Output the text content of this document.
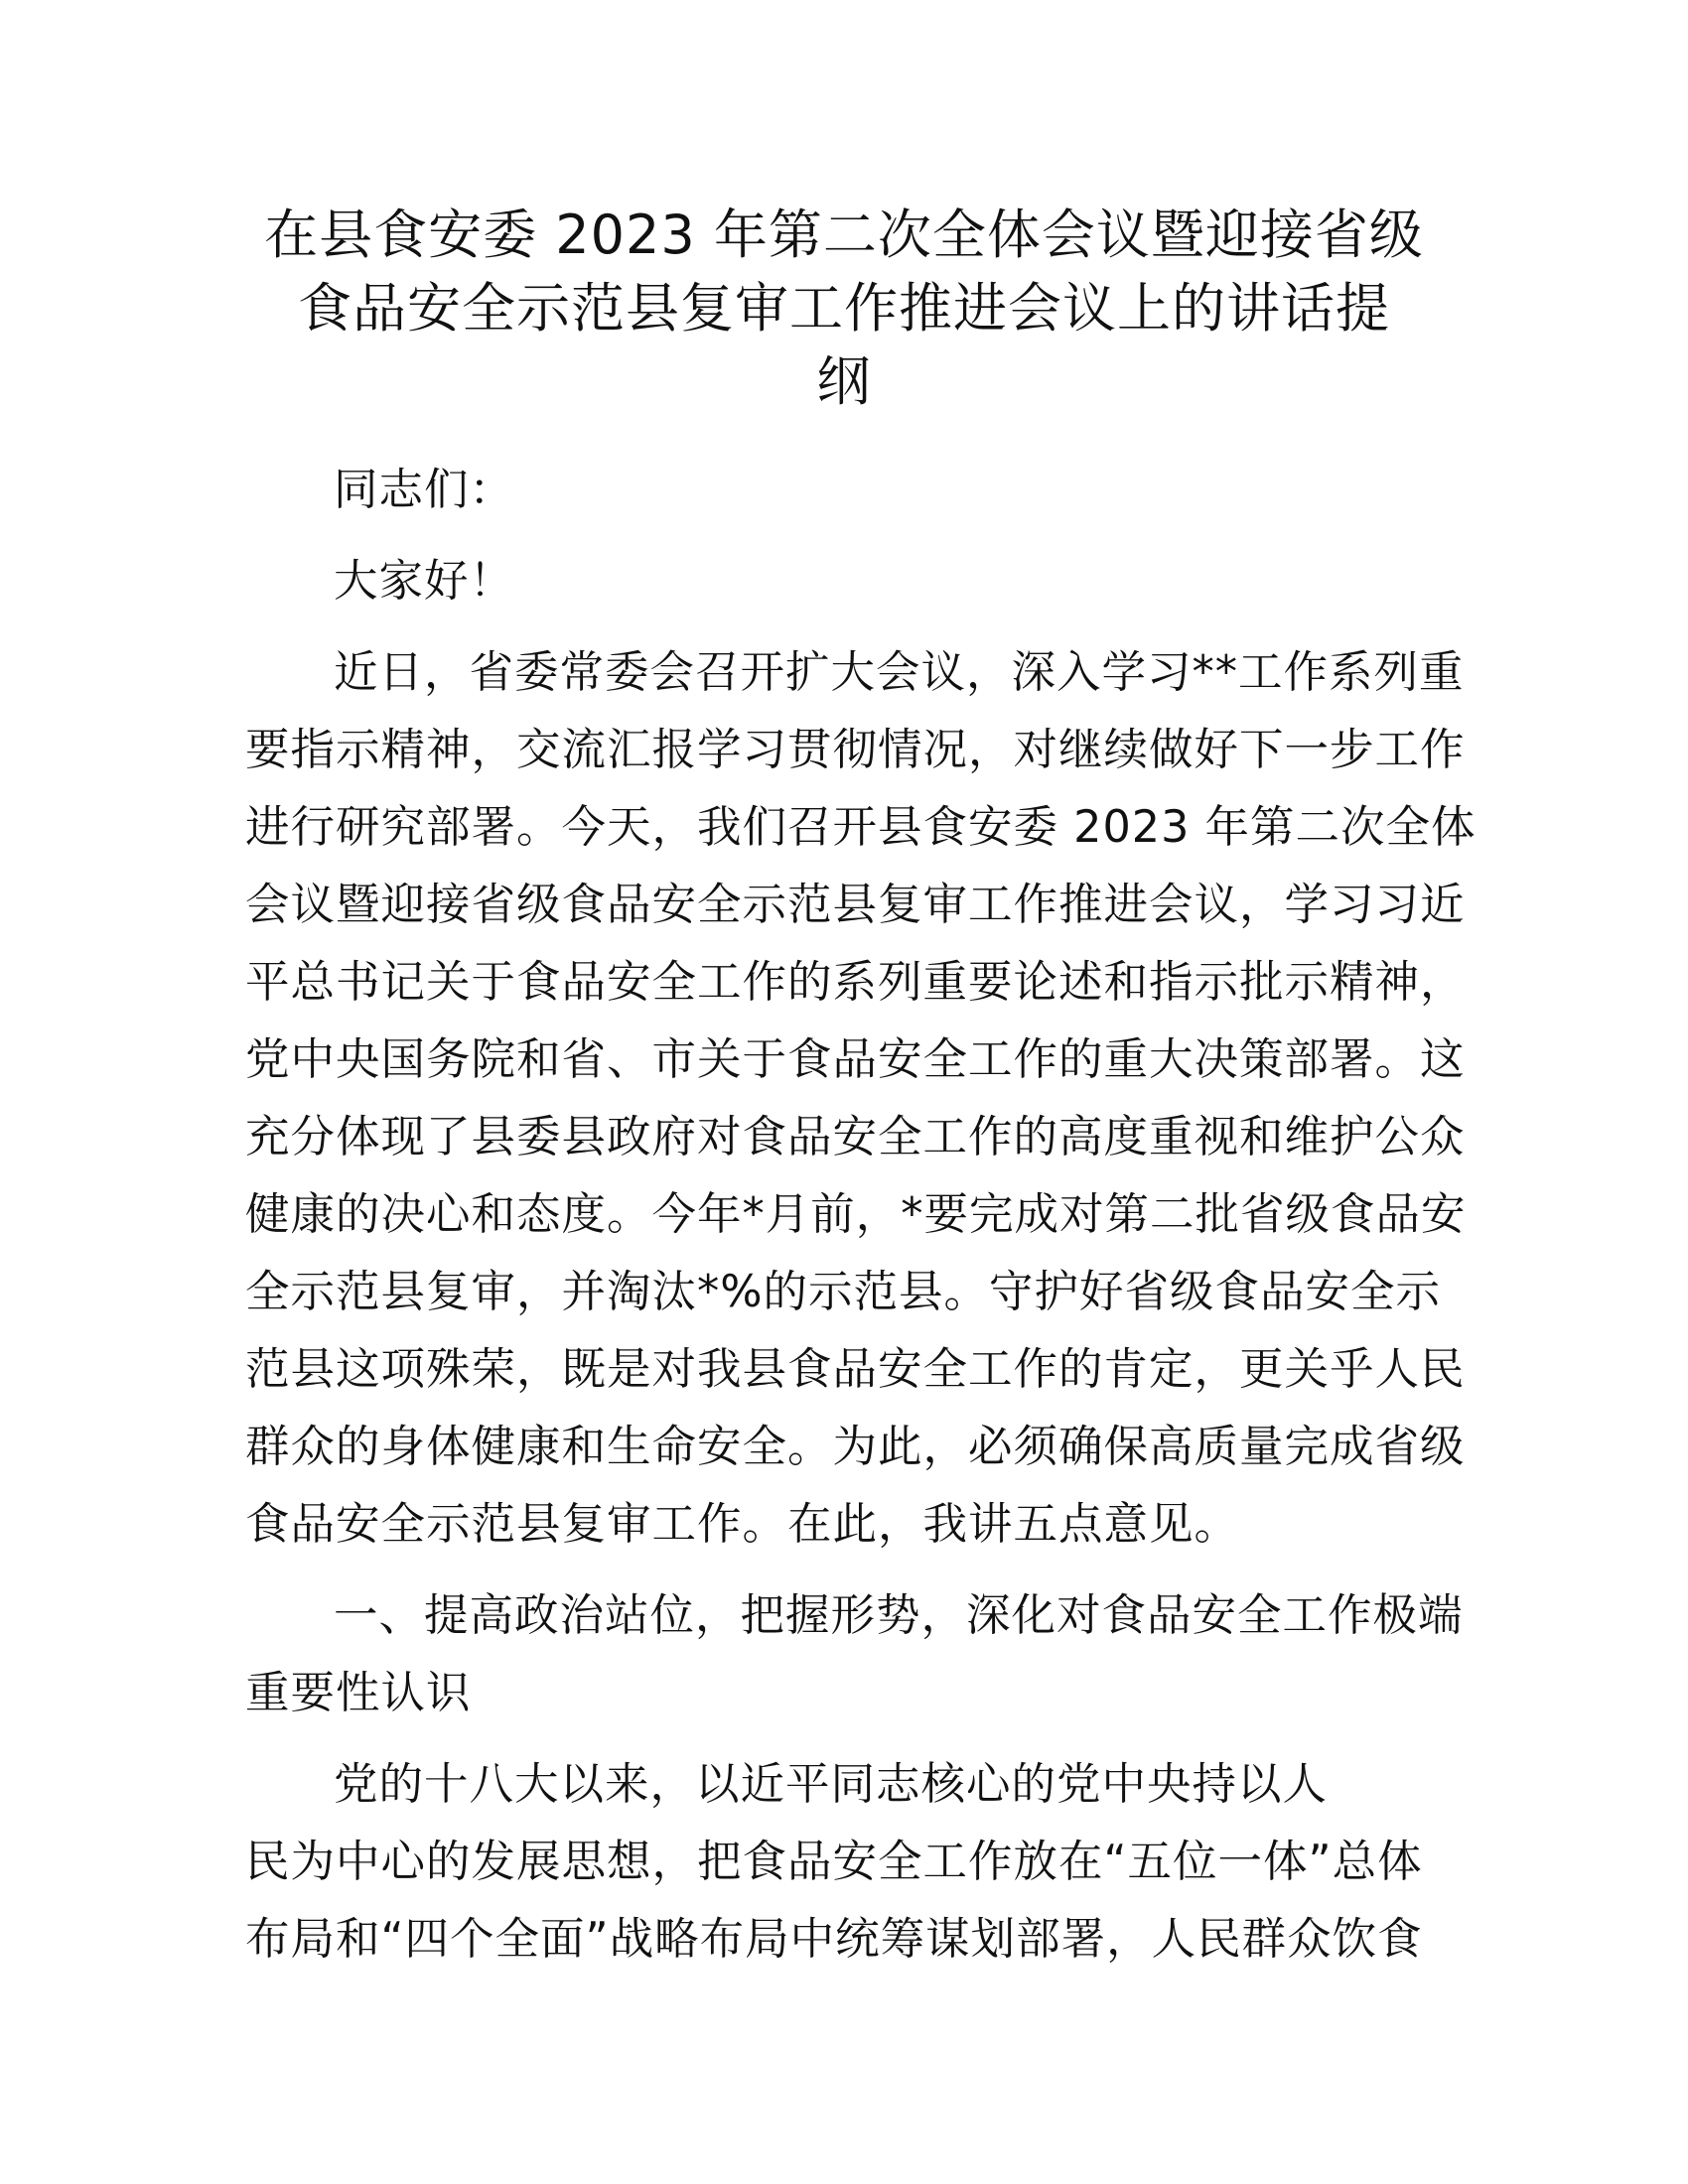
在县食安委 2023 年第二次全体会议暨迎接省级
食品安全示范县复审工作推进会议上的讲话提
纲
同志们：
大家好！
近日，省委常委会召开扩大会议，深入学习**工作系列重
要指示精神，交流汇报学习贯彻情况，对继续做好下一步工作
进行研究部署。今天，我们召开县食安委 2023 年第二次全体
会议暨迎接省级食品安全示范县复审工作推进会议，学习习近
平总书记关于食品安全工作的系列重要论述和指示批示精神，
党中央国务院和省、市关于食品安全工作的重大决策部署。这
充分体现了县委县政府对食品安全工作的高度重视和维护公众
健康的决心和态度。今年*月前，*要完成对第二批省级食品安
全示范县复审，并淘汰*%的示范县。守护好省级食品安全示
范县这项殊荣，既是对我县食品安全工作的肯定，更关乎人民
群众的身体健康和生命安全。为此，必须确保高质量完成省级
食品安全示范县复审工作。在此，我讲五点意见。
一、提高政治站位，把握形势，深化对食品安全工作极端
重要性认识
党的十八大以来，以近平同志核心的党中央持以人
民为中心的发展思想，把食品安全工作放在“五位一体”总体
布局和“四个全面”战略布局中统筹谋划部署，人民群众饮食
